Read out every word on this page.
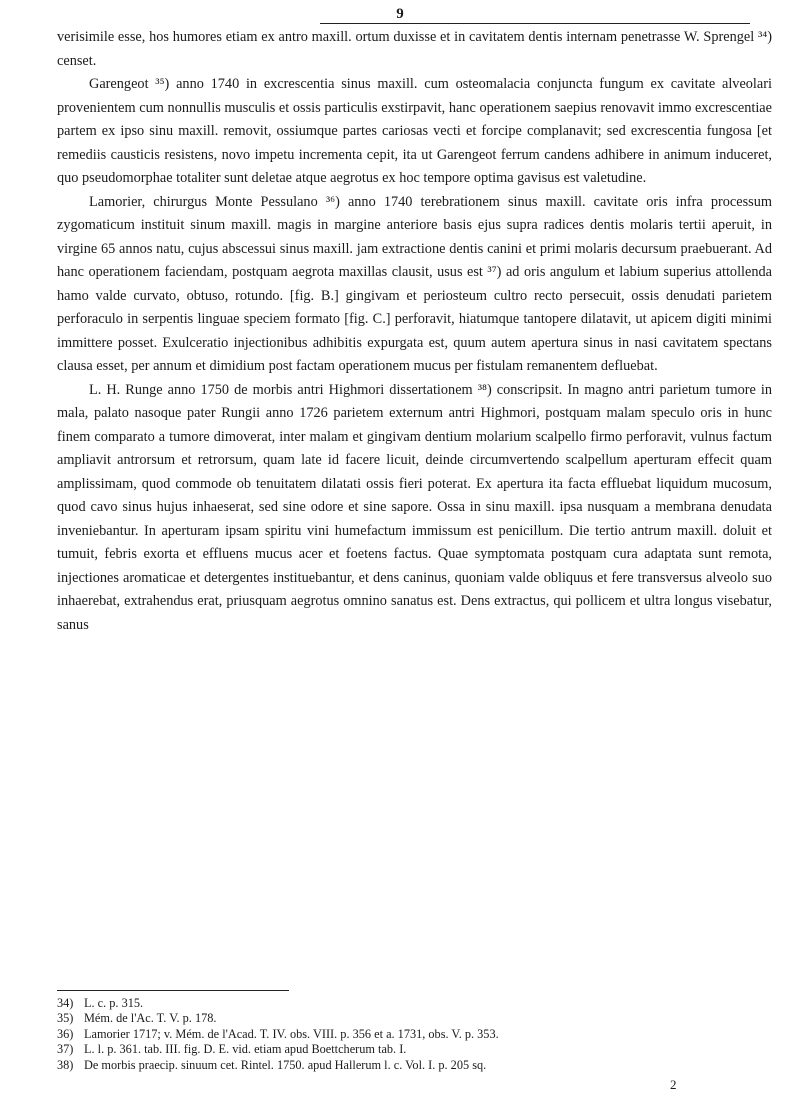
9

verisimile esse, hos humores etiam ex antro maxill. ortum duxisse et in cavitatem dentis internam penetrasse W. Sprengel ³⁴) censet.

Garengeot ³⁵) anno 1740 in excrescentia sinus maxill. cum osteomalacia conjuncta fungum ex cavitate alveolari provenientem cum nonnullis musculis et ossis particulis exstirpavit, hanc operationem saepius renovavit immo excrescentiae partem ex ipso sinu maxill. removit, ossiumque partes cariosas vecti et forcipe complanavit; sed excrescentia fungosa [et remediis causticis resistens, novo impetu incrementa cepit, ita ut Garengeot ferrum candens adhibere in animum induceret, quo pseudomorphae totaliter sunt deletae atque aegrotus ex hoc tempore optima gavisus est valetudine.

Lamorier, chirurgus Monte Pessulano ³⁶) anno 1740 terebrationem sinus maxill. cavitate oris infra processum zygomaticum instituit sinum maxill. magis in margine anteriore basis ejus supra radices dentis molaris tertii aperuit, in virgine 65 annos natu, cujus abscessui sinus maxill. jam extractione dentis canini et primi molaris decursum praebuerant. Ad hanc operationem faciendam, postquam aegrota maxillas clausit, usus est ³⁷) ad oris angulum et labium superius attollenda hamo valde curvato, obtuso, rotundo. [fig. B.] gingivam et periosteum cultro recto persecuit, ossis denudati parietem perforaculo in serpentis linguae speciem formato [fig. C.] perforavit, hiatumque tantopere dilatavit, ut apicem digiti minimi immittere posset. Exulceratio injectionibus adhibitis expurgata est, quum autem apertura sinus in nasi cavitatem spectans clausa esset, per annum et dimidium post factam operationem mucus per fistulam remanentem defluebat.

L. H. Runge anno 1750 de morbis antri Highmori dissertationem ³⁸) conscripsit. In magno antri parietum tumore in mala, palato nasoque pater Rungii anno 1726 parietem externum antri Highmori, postquam malam speculo oris in hunc finem comparato a tumore dimoverat, inter malam et gingivam dentium molarium scalpello firmo perforavit, vulnus factum ampliavit antrorsum et retrorsum, quam late id facere licuit, deinde circumvertendo scalpellum aperturam effecit quam amplissimam, quod commode ob tenuitatem dilatati ossis fieri poterat. Ex apertura ita facta effluebat liquidum mucosum, quod cavo sinus hujus inhaeserat, sed sine odore et sine sapore. Ossa in sinu maxill. ipsa nusquam a membrana denudata inveniebantur. In aperturam ipsam spiritu vini humefactum immissum est penicillum. Die tertio antrum maxill. doluit et tumuit, febris exorta et effluens mucus acer et foetens factus. Quae symptomata postquam cura adaptata sunt remota, injectiones aromaticae et detergentes instituebantur, et dens caninus, quoniam valde obliquus et fere transversus alveolo suo inhaerebat, extrahendus erat, priusquam aegrotus omnino sanatus est. Dens extractus, qui pollicem et ultra longus visebatur, sanus

34) L. c. p. 315.
35) Mém. de l'Ac. T. V. p. 178.
36) Lamorier 1717; v. Mém. de l'Acad. T. IV. obs. VIII. p. 356 et a. 1731, obs. V. p. 353.
37) L. l. p. 361. tab. III. fig. D. E. vid. etiam apud Boettcherum tab. I.
38) De morbis praecip. sinuum cet. Rintel. 1750. apud Hallerum l. c. Vol. I. p. 205 sq.
2
